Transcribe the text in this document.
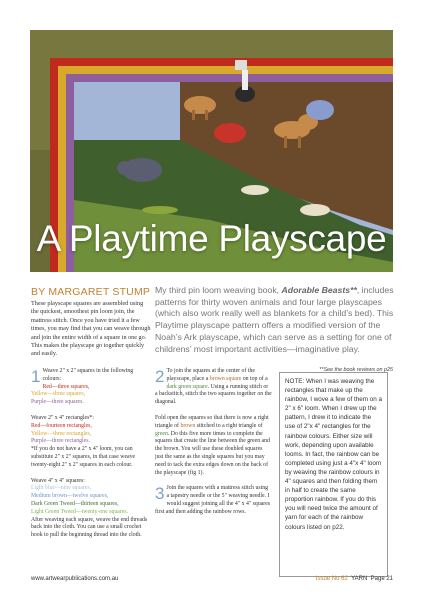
A Playtime Playscape
BY MARGARET STUMP
These playscape squares are assembled using the quickest, smoothest pin loom join, the mattress stitch. Once you have tried it a few times, you may find that you can weave through and join the entire width of a square in one go. This makes the playscape go together quickly and easily.
My third pin loom weaving book, Adorable Beasts**, includes patterns for thirty woven animals and four large playscapes (which also work really well as blankets for a child’s bed). This Playtime playscape pattern offers a modified version of the Noah’s Ark playscape, which can serve as a setting for one of childrens’ most important activities—imaginative play.
**See the book reviews on p25
1 Weave 2" x 2" squares in the following colours:
Red—three squares,
Yellow—three squares,
Purple—three squares.
Weave 2" x 4" rectangles*:
Red—fourteen rectangles,
Yellow—three rectangles,
Purple—three rectangles.
*If you do not have a 2" x 4" loom, you can substitute 2" x 2" squares, in that case weave twenty-eight 2" x 2" squares in each colour.
Weave 4" x 4" squares:
Light blue—nine squares,
Medium brown—twelve squares,
Dark Green Tweed—thirteen squares,
Light Green Tweed—twenty-one squares.
After weaving each square, weave the end threads back into the cloth. You can use a small crochet hook to pull the beginning thread into the cloth.
2 To join the squares at the center of the playscape, place a brown square on top of a dark green square. Using a running stitch or a backstitch, stitch the two squares together on the diagonal.
Fold open the squares so that there is now a right triangle of brown stitched to a right triangle of green. Do this five more times to complete the squares that create the line between the green and the brown. You will use these doubled squares just the same as the single squares but you may need to tack the extra edges down on the back of the playscape (fig 1).
3 Join the squares with a mattress stitch using a tapestry needle or the 5" weaving needle. I would suggest joining all the 4" x 4" squares first and then adding the rainbow rows.
NOTE: When I was weaving the rectangles that make up the rainbow, I wove a few of them on a 2" x 6" loom. When I drew up the pattern, I drew it to indicate the use of 2"x 4" rectangles for the rainbow colours. Either size will work, depending upon available looms. In fact, the rainbow can be completed using just a 4"x 4" loom by weaving the rainbow colours in 4" squares and then folding them in half to create the same proportion rainbow. If you do this you will need twice the amount of yarn for each of the rainbow colours listed on p22.
www.artwearpublications.com.au	Issue No 62 YARN Page 21
